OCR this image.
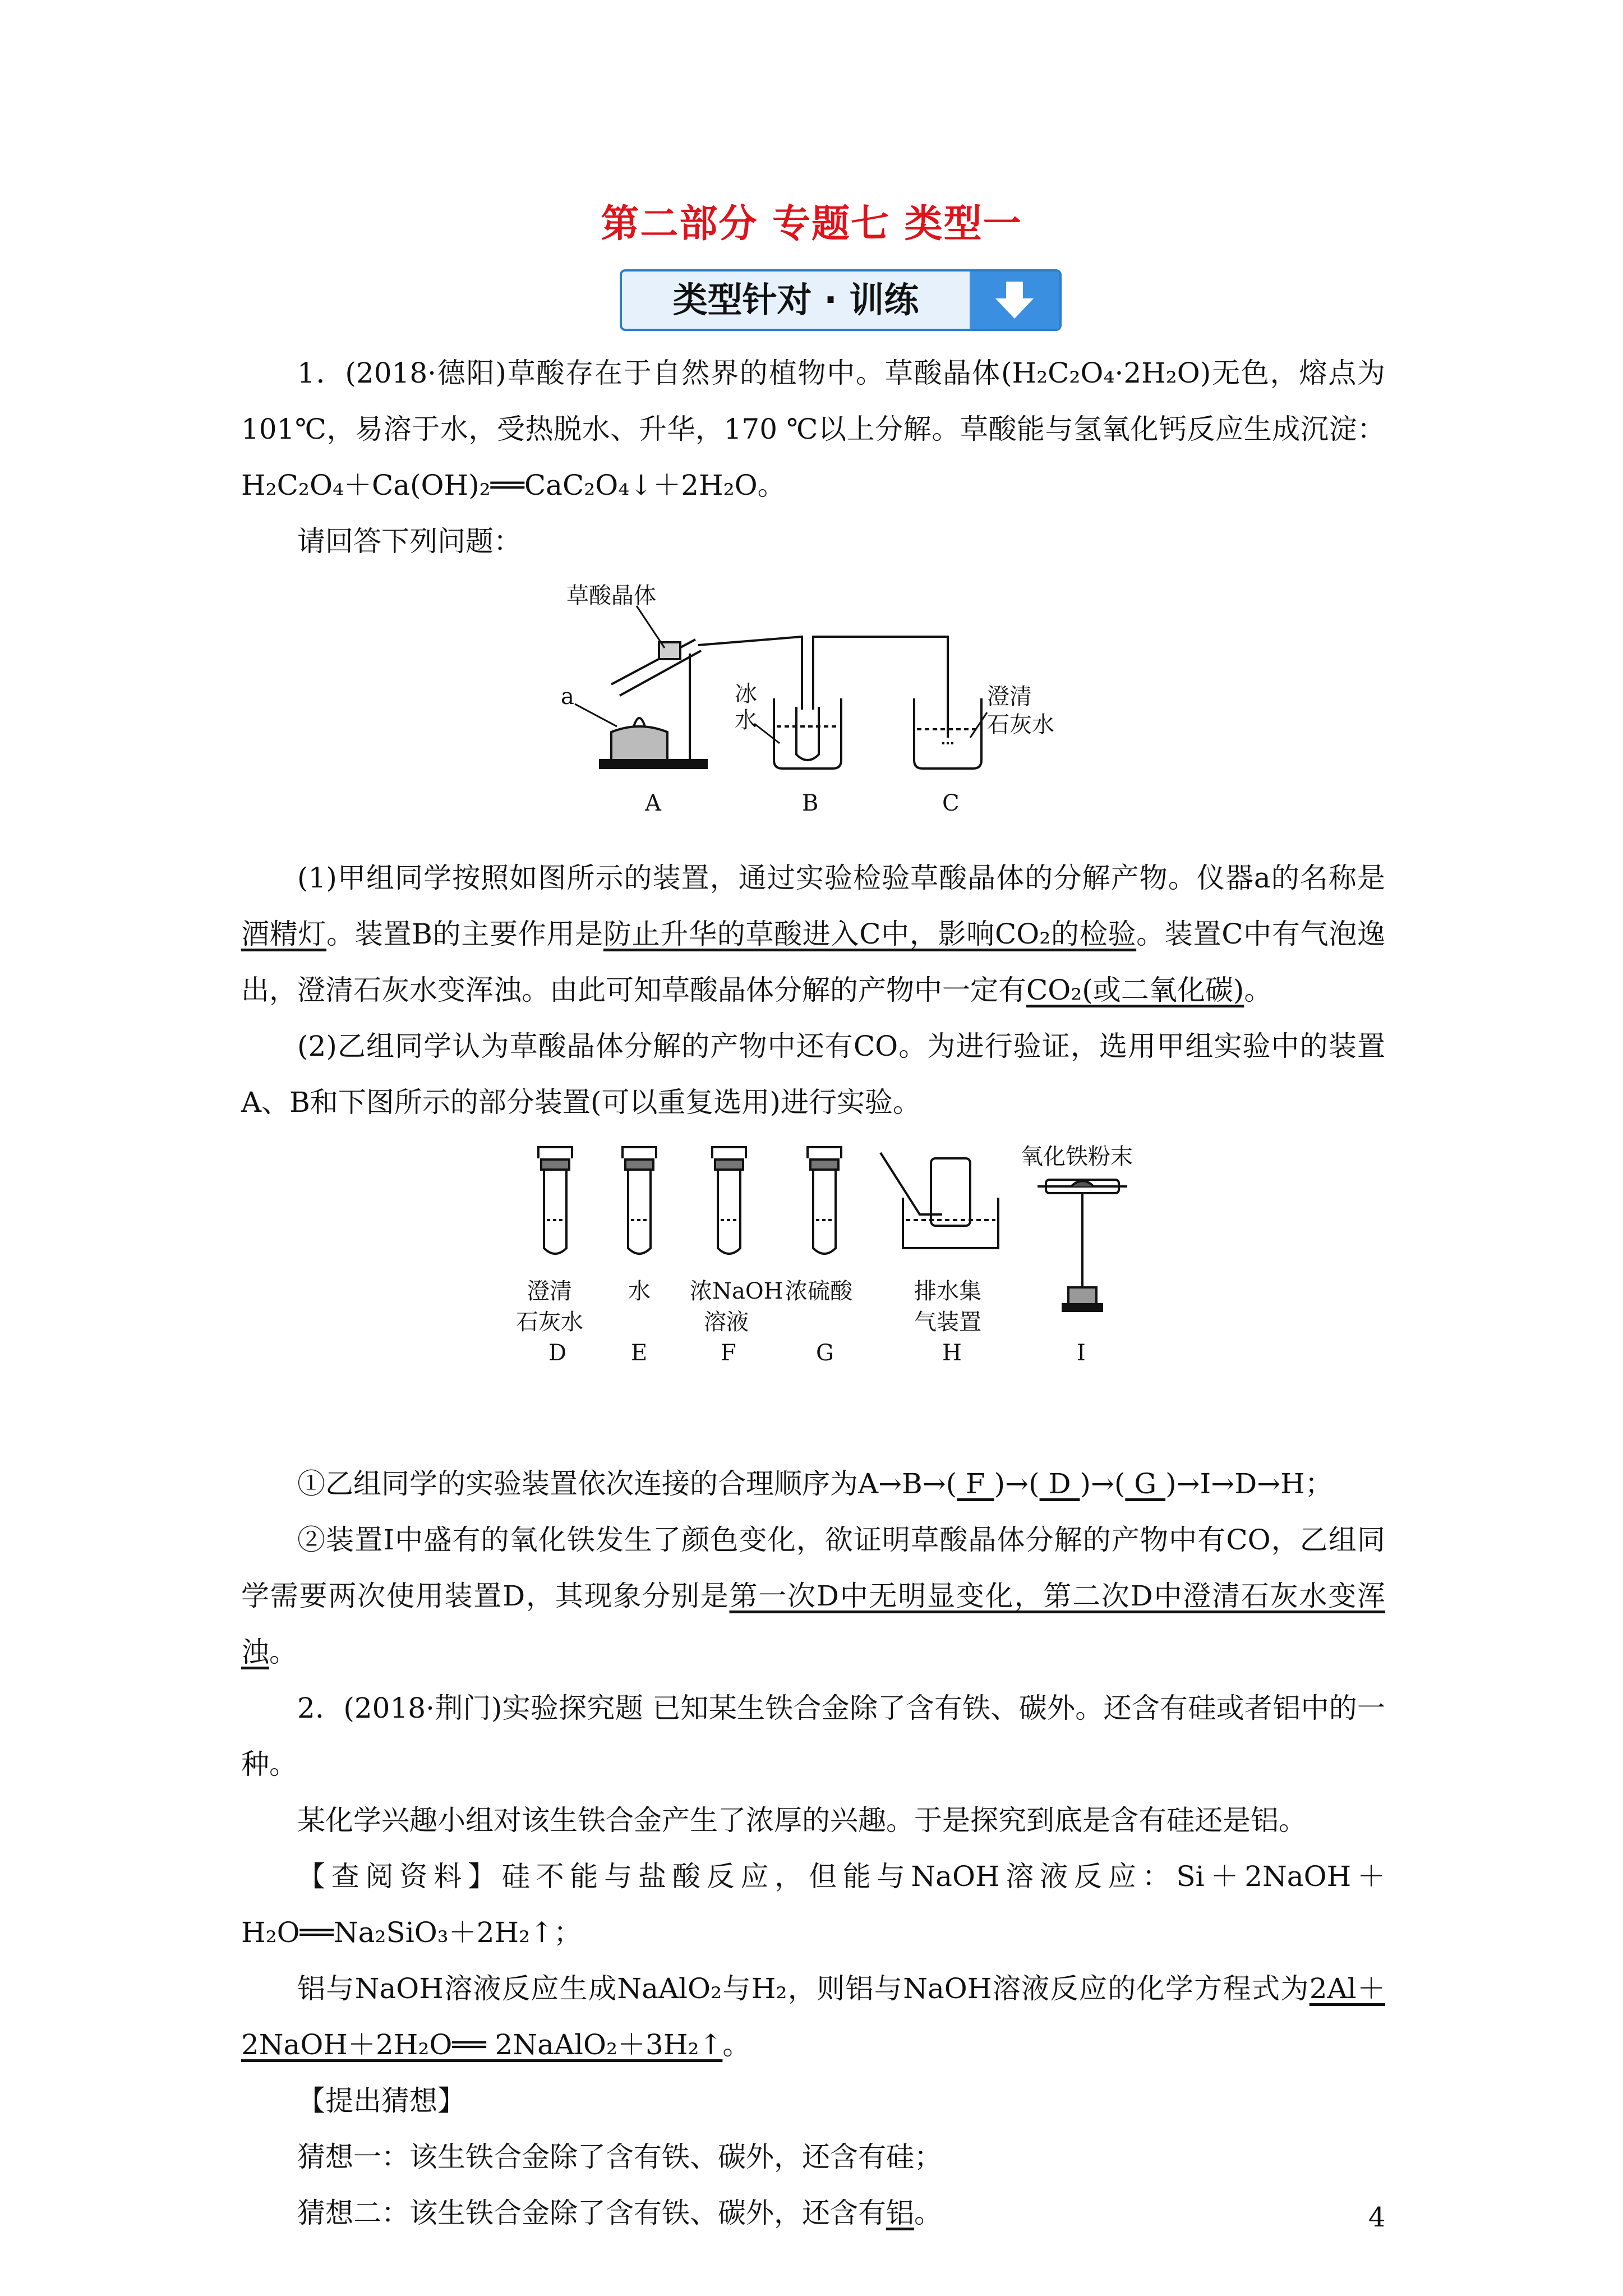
第二部分 专题七 类型一
类型针对 · 训练

1．(2018·德阳)草酸存在于自然界的植物中。草酸晶体(H₂C₂O₄·2H₂O)无色，熔点为101℃，易溶于水，受热脱水、升华，170 ℃以上分解。草酸能与氢氧化钙反应生成沉淀：H₂C₂O₄＋Ca(OH)₂══CaC₂O₄↓＋2H₂O。

请回答下列问题：

草酸晶体
a	冰
水
澄清
石灰水
A	B	C

(1)甲组同学按照如图所示的装置，通过实验检验草酸晶体的分解产物。仪器a的名称是酒精灯。装置B的主要作用是防止升华的草酸进入C中，影响CO₂的检验。装置C中有气泡逸出，澄清石灰水变浑浊。由此可知草酸晶体分解的产物中一定有CO₂(或二氧化碳)。

(2)乙组同学认为草酸晶体分解的产物中还有CO。为进行验证，选用甲组实验中的装置A、B和下图所示的部分装置(可以重复选用)进行实验。

澄清
石灰水
D
水
E
浓NaOH
溶液
F
浓硫酸
G
排水集
气装置
H
氧化铁粉末
I

①乙组同学的实验装置依次连接的合理顺序为A→B→( F )→( D )→( G )→I→D→H；

②装置I中盛有的氧化铁发生了颜色变化，欲证明草酸晶体分解的产物中有CO，乙组同学需要两次使用装置D，其现象分别是第一次D中无明显变化，第二次D中澄清石灰水变浑浊。

2．(2018·荆门)实验探究题 已知某生铁合金除了含有铁、碳外。还含有硅或者铝中的一种。

某化学兴趣小组对该生铁合金产生了浓厚的兴趣。于是探究到底是含有硅还是铝。

【查阅资料】硅不能与盐酸反应，但能与NaOH溶液反应：Si＋2NaOH＋H₂O══Na₂SiO₃＋2H₂↑；

铝与NaOH溶液反应生成NaAlO₂与H₂，则铝与NaOH溶液反应的化学方程式为2Al＋2NaOH＋2H₂O══ 2NaAlO₂＋3H₂↑。

【提出猜想】

猜想一：该生铁合金除了含有铁、碳外，还含有硅；

猜想二：该生铁合金除了含有铁、碳外，还含有铝。	4
